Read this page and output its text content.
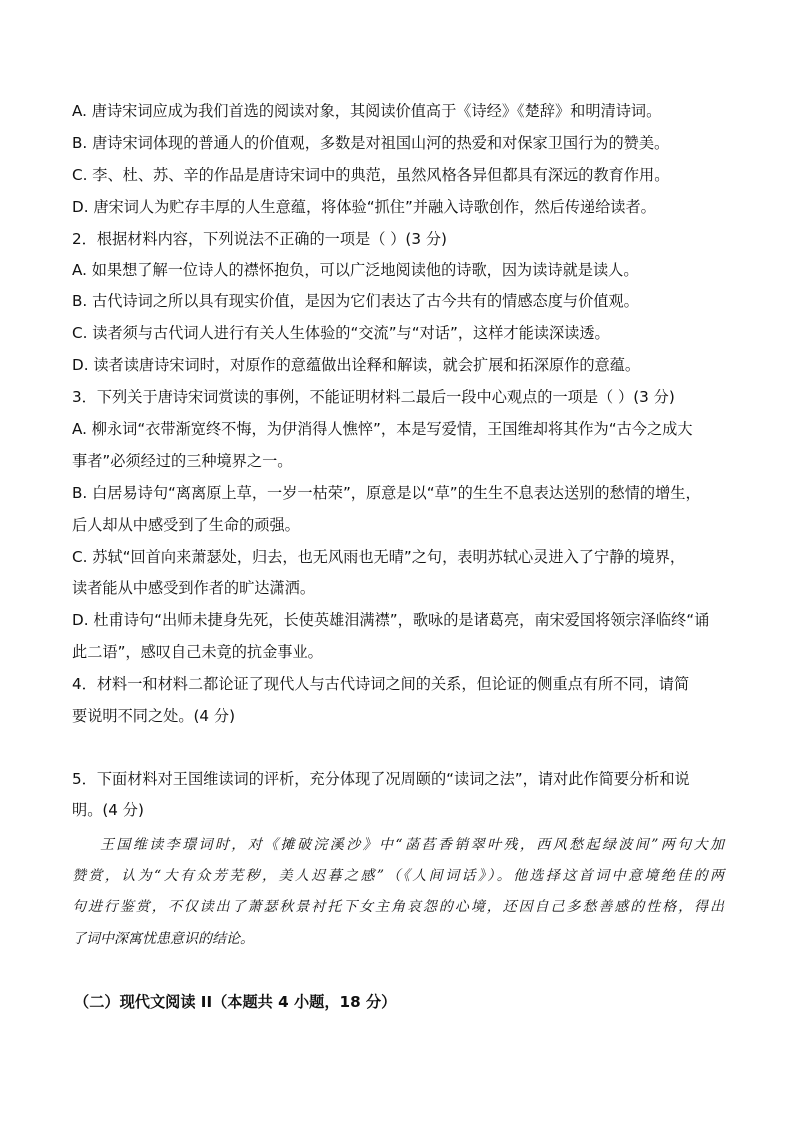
A. 唐诗宋词应成为我们首选的阅读对象，其阅读价值高于《诗经》《楚辞》和明清诗词。
B. 唐诗宋词体现的普通人的价值观，多数是对祖国山河的热爱和对保家卫国行为的赞美。
C. 李、杜、苏、辛的作品是唐诗宋词中的典范，虽然风格各异但都具有深远的教育作用。
D. 唐宋词人为贮存丰厚的人生意蕴，将体验“抓住”并融入诗歌创作，然后传递给读者。
2．根据材料内容，下列说法不正确的一项是（ ）(3 分)
A. 如果想了解一位诗人的襟怀抱负，可以广泛地阅读他的诗歌，因为读诗就是读人。
B. 古代诗词之所以具有现实价值，是因为它们表达了古今共有的情感态度与价值观。
C. 读者须与古代词人进行有关人生体验的“交流”与“对话”，这样才能读深读透。
D. 读者读唐诗宋词时，对原作的意蕴做出诠释和解读，就会扩展和拓深原作的意蕴。
3．下列关于唐诗宋词赏读的事例，不能证明材料二最后一段中心观点的一项是（ ）(3 分)
A. 柳永词“衣带渐宽终不悔，为伊消得人憔悴”，本是写爱情，王国维却将其作为“古今之成大
事者”必须经过的三种境界之一。
B. 白居易诗句“离离原上草，一岁一枯荣”，原意是以“草”的生生不息表达送别的愁情的增生，
后人却从中感受到了生命的顽强。
C. 苏轼“回首向来萧瑟处，归去，也无风雨也无晴”之句，表明苏轼心灵进入了宁静的境界，
读者能从中感受到作者的旷达潇洒。
D. 杜甫诗句“出师未捷身先死，长使英雄泪满襟”，歌咏的是诸葛亮，南宋爱国将领宗泽临终“诵
此二语”，感叹自己未竟的抗金事业。
4．材料一和材料二都论证了现代人与古代诗词之间的关系，但论证的侧重点有所不同，请简
要说明不同之处。(4 分)
5．下面材料对王国维读词的评析，充分体现了况周颐的“读词之法”，请对此作简要分析和说
明。(4 分)
王国维读李璟词时，对《摊破浣溪沙》中“菡萏香销翠叶残，西风愁起绿波间”两句大加
赞赏，认为“大有众芳芜秽，美人迟暮之感”（《人间词话》）。他选择这首词中意境绝佳的两
句进行鉴赏，不仅读出了萧瑟秋景衬托下女主角哀怨的心境，还因自己多愁善感的性格，得出
了词中深寓忧患意识的结论。
（二）现代文阅读 II（本题共 4 小题，18 分）
